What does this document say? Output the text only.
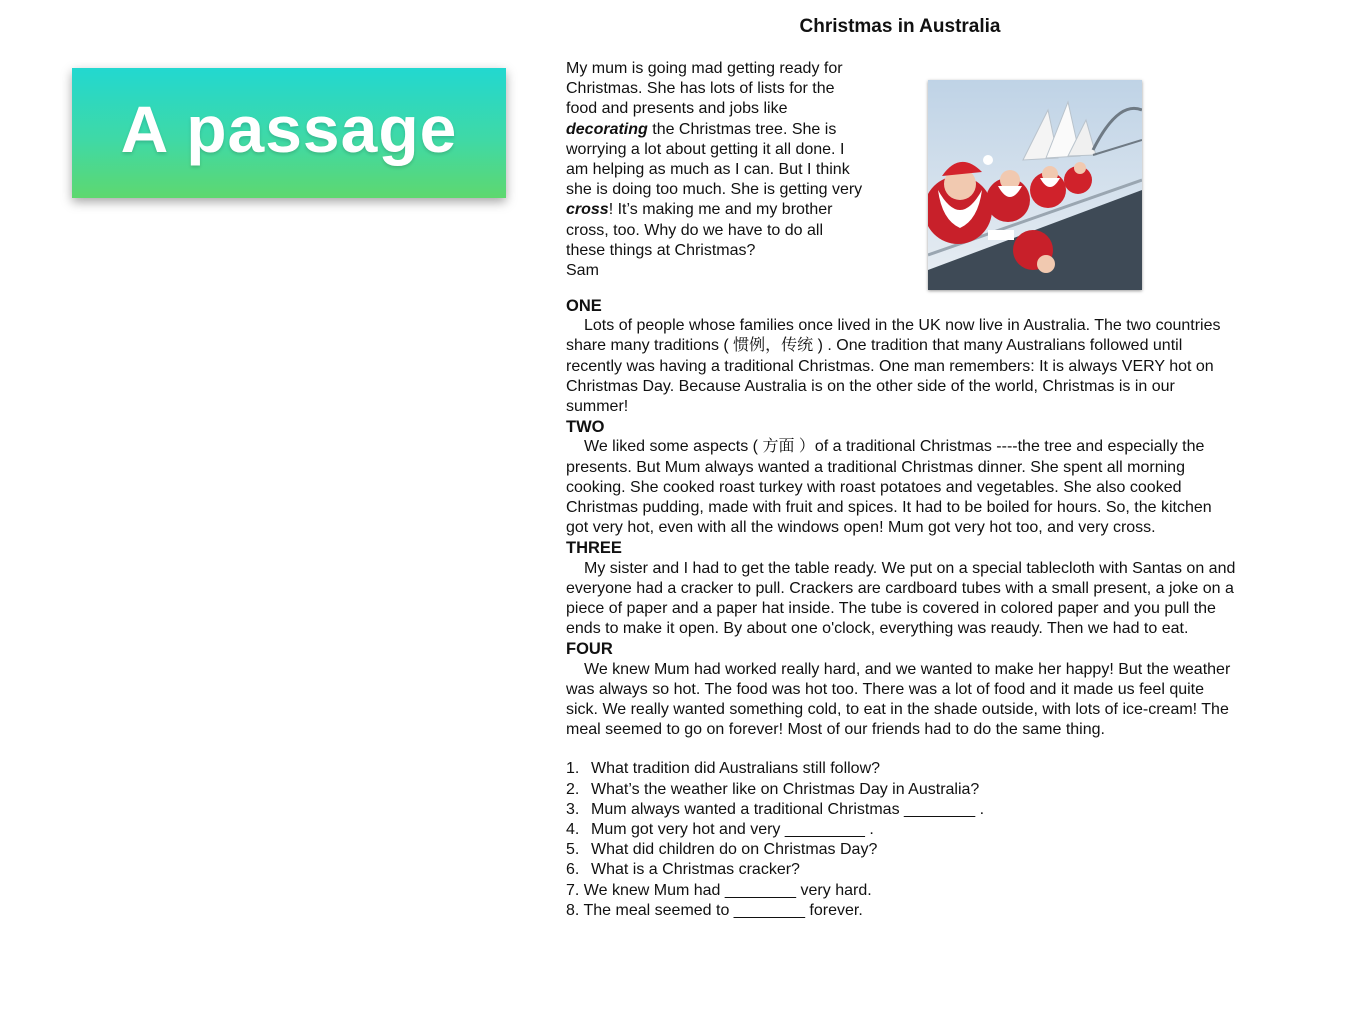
A passage
Christmas in Australia
My mum is going mad getting ready for
Christmas. She has lots of lists for the
food and presents and jobs like
decorating the Christmas tree. She is
worrying a lot about getting it all done. I
am helping as much as I can. But I think
she is doing too much. She is getting very
cross! It’s making me and my brother
cross, too. Why do we have to do all
these things at Christmas?
Sam
ONE
Lots of people whose families once lived in the UK now live in Australia. The two countries share many traditions ( 惯例，传统 ) . One tradition that many Australians followed until recently was having a traditional Christmas. One man remembers: It is always VERY hot on Christmas Day. Because Australia is on the other side of the world, Christmas is in our summer!
TWO
We liked some aspects ( 方面 ）of a traditional Christmas ----the tree and especially the presents. But Mum always wanted a traditional Christmas dinner. She spent all morning cooking. She cooked roast turkey with roast potatoes and vegetables. She also cooked Christmas pudding, made with fruit and spices. It had to be boiled for hours. So, the kitchen got very hot, even with all the windows open! Mum got very hot too, and very cross.
THREE
My sister and I had to get the table ready. We put on a special tablecloth with Santas on and everyone had a cracker to pull. Crackers are cardboard tubes with a small present, a joke on a piece of paper and a paper hat inside. The tube is covered in colored paper and you pull the ends to make it open. By about one o'clock, everything was reaudy. Then we had to eat.
FOUR
We knew Mum had worked really hard, and we wanted to make her happy! But the weather was always so hot. The food was hot too. There was a lot of food and it made us feel quite sick. We really wanted something cold, to eat in the shade outside, with lots of ice-cream! The meal seemed to go on forever! Most of our friends had to do the same thing.
1. What tradition did Australians still follow?
2. What’s the weather like on Christmas Day in Australia?
3. Mum always wanted a traditional Christmas ________ .
4. Mum got very hot and very _________ .
5. What did children do on Christmas Day?
6. What is a Christmas cracker?
7. We knew Mum had ________ very hard.
8. The meal seemed to ________ forever.
